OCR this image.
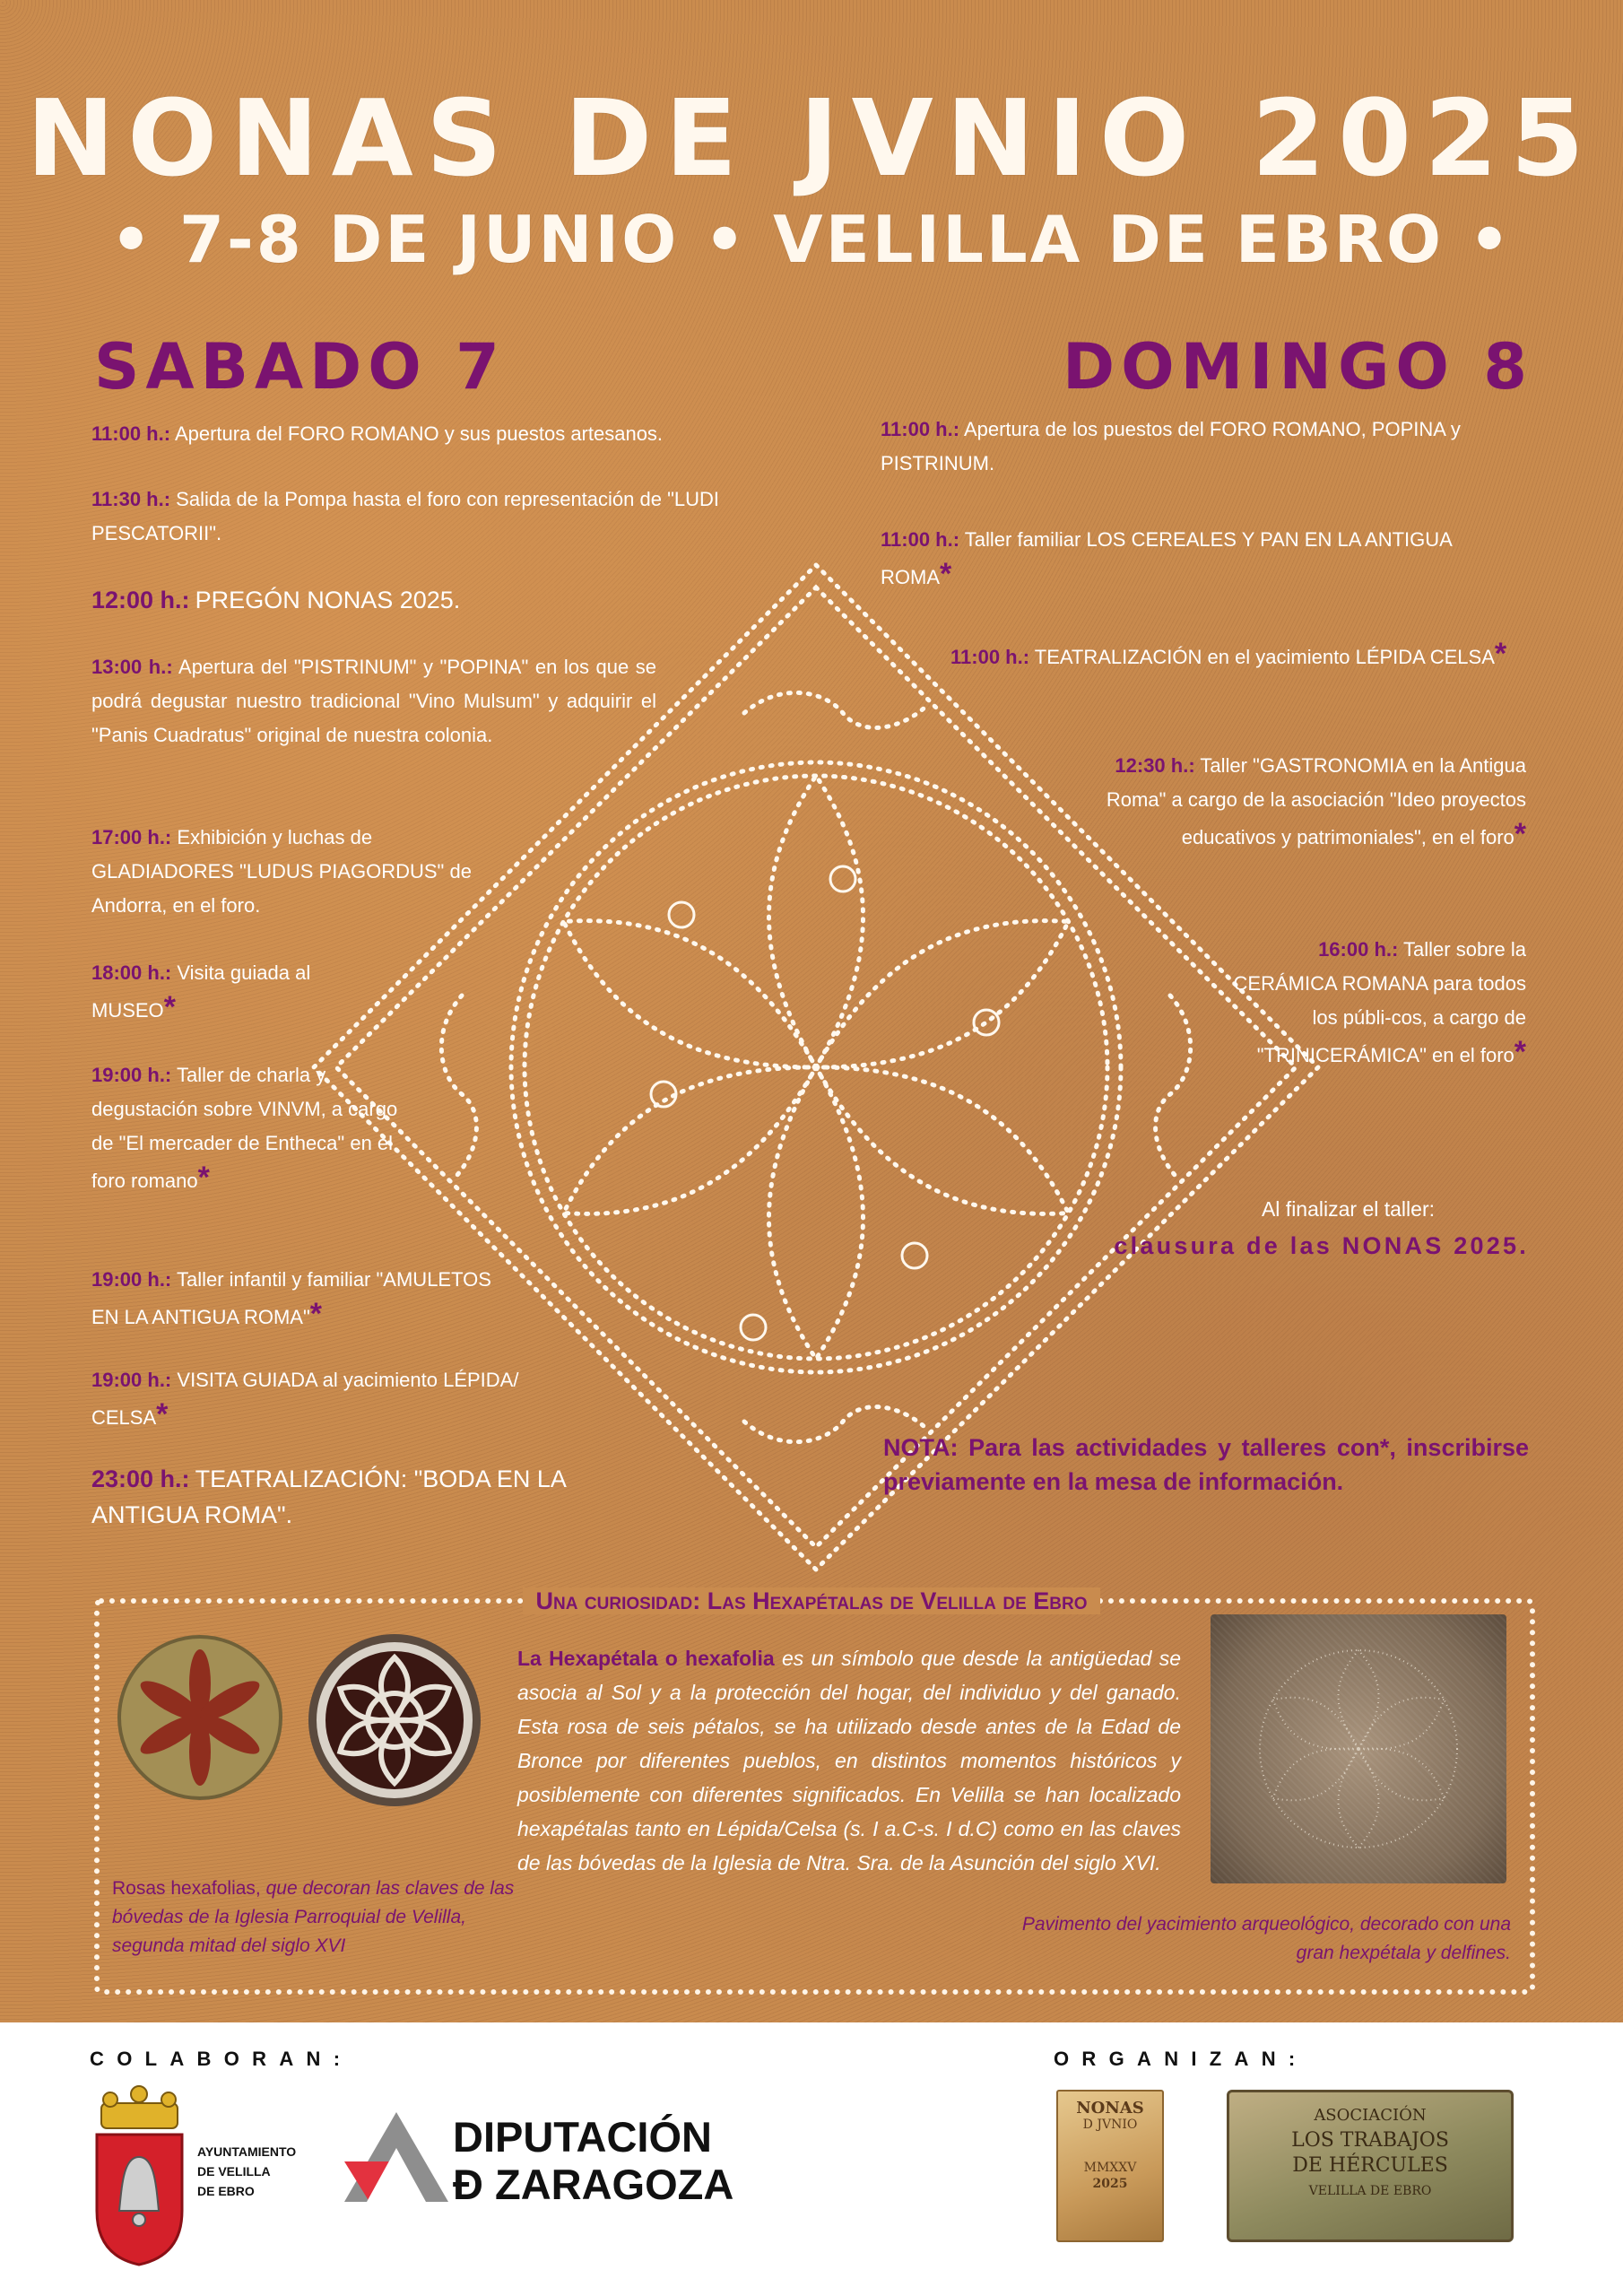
NONAS DE JVNIO 2025
• 7-8 DE JUNIO • VELILLA DE EBRO •
SABADO 7	DOMINGO 8
11:00 h.: Apertura del FORO ROMANO y sus puestos artesanos.
11:30 h.: Salida de la Pompa hasta el foro con representación de "LUDI PESCATORII".
12:00 h.: PREGÓN NONAS 2025.
13:00 h.: Apertura del "PISTRINUM" y "POPINA" en los que se podrá degustar nuestro tradicional "Vino Mulsum" y adquirir el "Panis Cuadratus" original de nuestra colonia.
17:00 h.: Exhibición y luchas de GLADIADORES "LUDUS PIAGORDUS" de Andorra, en el foro.
18:00 h.: Visita guiada al MUSEO*
19:00 h.: Taller de charla y degustación sobre VINVM, a cargo de "El mercader de Entheca" en el foro romano*
19:00 h.: Taller infantil y familiar "AMULETOS EN LA ANTIGUA ROMA"*
19:00 h.: VISITA GUIADA al yacimiento LÉPIDA/ CELSA*
23:00 h.: TEATRALIZACIÓN: "BODA EN LA ANTIGUA ROMA".
11:00 h.: Apertura de los puestos del FORO ROMANO, POPINA y PISTRINUM.
11:00 h.: Taller familiar LOS CEREALES Y PAN EN LA ANTIGUA ROMA*
11:00 h.: TEATRALIZACIÓN en el yacimiento LÉPIDA CELSA*
12:30 h.: Taller "GASTRONOMIA en la Antigua Roma" a cargo de la asociación "Ideo proyectos educativos y patrimoniales", en el foro*
16:00 h.: Taller sobre la CERÁMICA ROMANA para todos los públi-cos, a cargo de "TRINICERÁMICA" en el foro*
Al finalizar el taller:
clausura de las NONAS 2025.
NOTA: Para las actividades y talleres con*, inscribirse previamente en la mesa de información.
Una curiosidad: Las Hexapétalas de Velilla de Ebro
La Hexapétala o hexafolia es un símbolo que desde la antigüedad se asocia al Sol y a la protección del hogar, del individuo y del ganado. Esta rosa de seis pétalos, se ha utilizado desde antes de la Edad de Bronce por diferentes pueblos, en distintos momentos históricos y posiblemente con diferentes significados. En Velilla se han localizado hexapétalas tanto en Lépida/Celsa (s. I a.C-s. I d.C) como en las claves de las bóvedas de la Iglesia de Ntra. Sra. de la Asunción del siglo XVI.
Rosas hexafolias, que decoran las claves de las bóvedas de la Iglesia Parroquial de Velilla, segunda mitad del siglo XVI
Pavimento del yacimiento arqueológico, decorado con una gran hexpétala y delfines.
COLABORAN:	ORGANIZAN:
AYUNTAMIENTO
DE VELILLA
DE EBRO
DIPUTACIÓN
Ð ZARAGOZA
NONAS
D JVNIO
MMXXV
2025
ASOCIACIÓN
LOS TRABAJOS
DE HÉRCULES
VELILLA DE EBRO
